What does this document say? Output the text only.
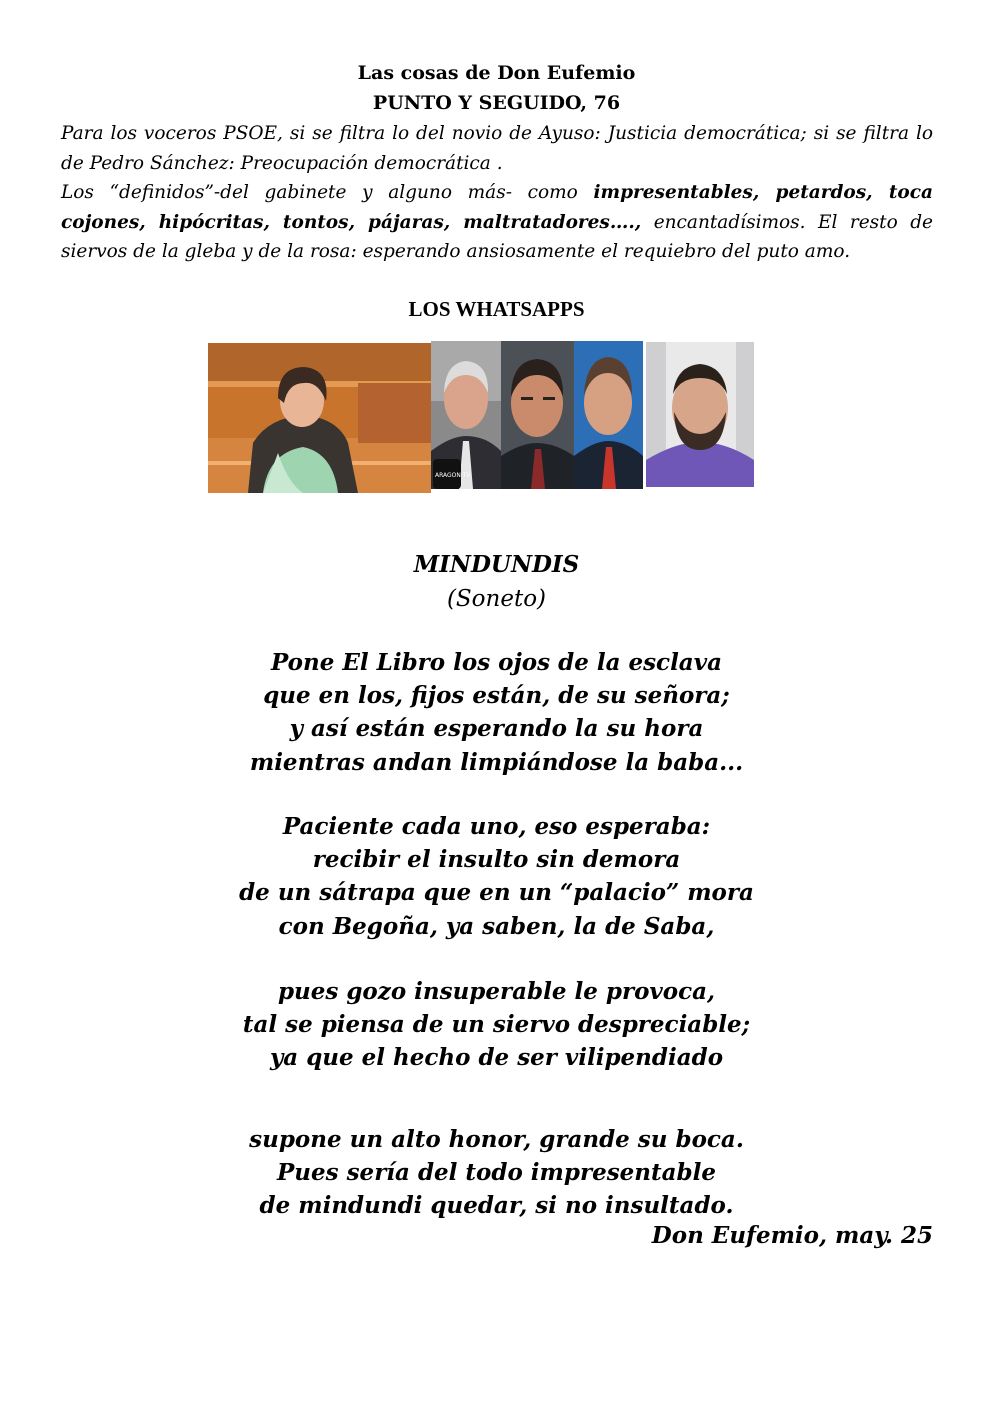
Las cosas de Don Eufemio
PUNTO Y SEGUIDO, 76
Para los voceros PSOE, si se filtra lo del novio de Ayuso: Justicia democrática; si se filtra lo de Pedro Sánchez: Preocupación democrática .
Los “definidos”-del gabinete y alguno más- como impresentables, petardos, toca cojones, hipócritas, tontos, pájaras, maltratadores…., encantadísimos. El resto de siervos de la gleba y de la rosa: esperando ansiosamente el requiebro del puto amo.
LOS WHATSAPPS
ARAGON TV
MINDUNDIS
(Soneto)
Pone El Libro los ojos de la esclava
que en los, fijos están, de su señora;
y así están esperando la su hora
mientras andan limpiándose la baba...
Paciente cada uno, eso esperaba:
recibir el insulto sin demora
de un sátrapa que en un “palacio” mora
con Begoña, ya saben, la de Saba,
pues gozo insuperable le provoca,
tal se piensa de un siervo despreciable;
ya que el hecho de ser vilipendiado
supone un alto honor, grande su boca.
Pues sería del todo impresentable
de mindundi quedar, si no insultado.
Don Eufemio, may. 25
